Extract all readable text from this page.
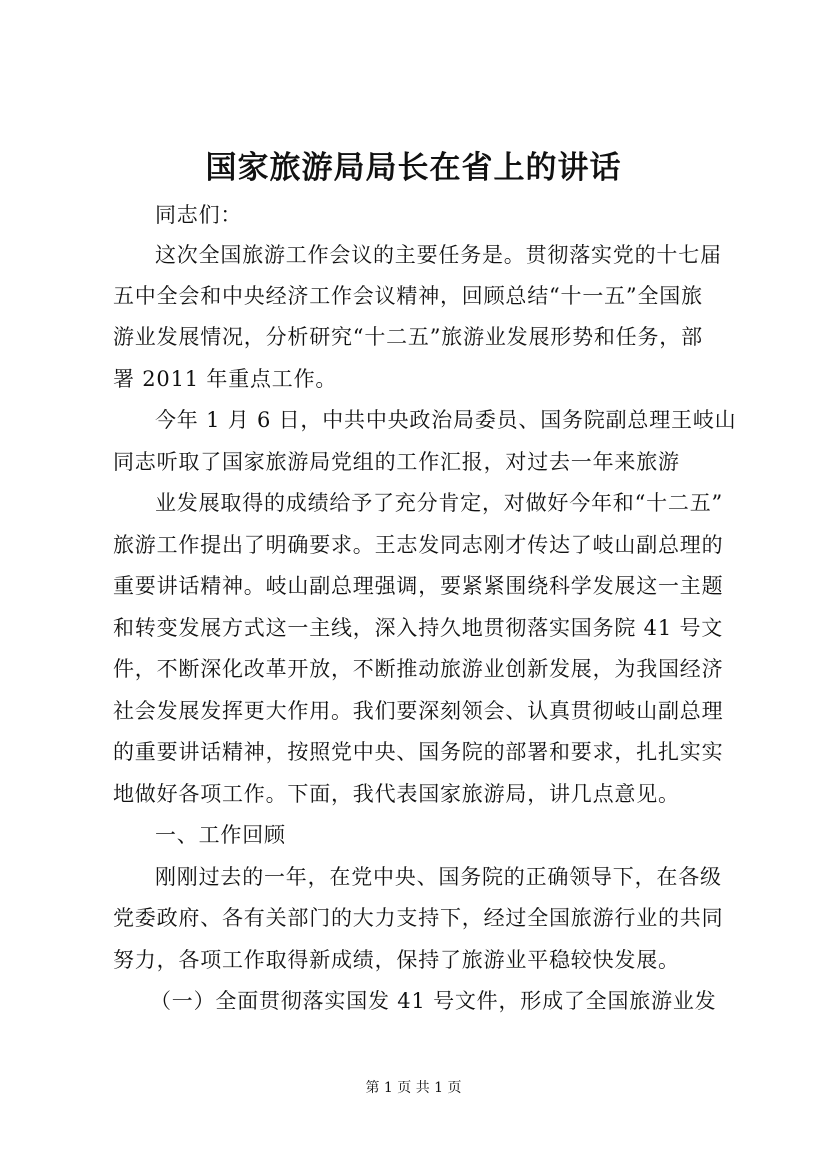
国家旅游局局长在省上的讲话
同志们：
这次全国旅游工作会议的主要任务是。贯彻落实党的十七届
五中全会和中央经济工作会议精神，回顾总结“十一五”全国旅
游业发展情况，分析研究“十二五”旅游业发展形势和任务，部
署 2011 年重点工作。
今年 1 月 6 日，中共中央政治局委员、国务院副总理王岐山
同志听取了国家旅游局党组的工作汇报，对过去一年来旅游
业发展取得的成绩给予了充分肯定，对做好今年和“十二五”
旅游工作提出了明确要求。王志发同志刚才传达了岐山副总理的
重要讲话精神。岐山副总理强调，要紧紧围绕科学发展这一主题
和转变发展方式这一主线，深入持久地贯彻落实国务院 41 号文
件，不断深化改革开放，不断推动旅游业创新发展，为我国经济
社会发展发挥更大作用。我们要深刻领会、认真贯彻岐山副总理
的重要讲话精神，按照党中央、国务院的部署和要求，扎扎实实
地做好各项工作。下面，我代表国家旅游局，讲几点意见。
一、工作回顾
刚刚过去的一年，在党中央、国务院的正确领导下，在各级
党委政府、各有关部门的大力支持下，经过全国旅游行业的共同
努力，各项工作取得新成绩，保持了旅游业平稳较快发展。
（一）全面贯彻落实国发 41 号文件，形成了全国旅游业发
第 1 页 共 1 页
